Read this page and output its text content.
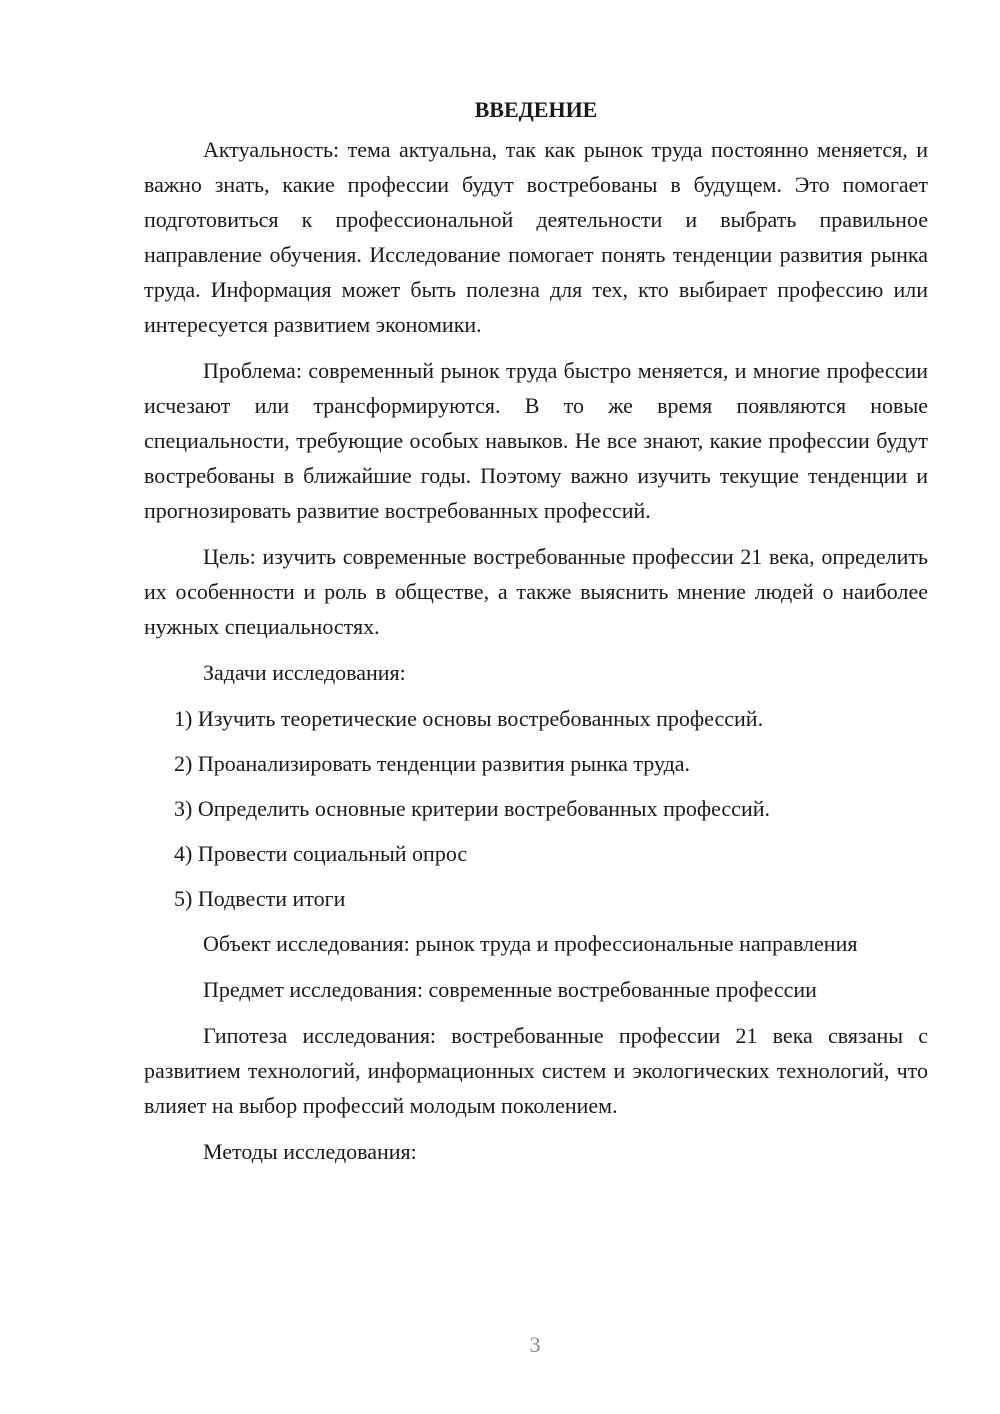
ВВЕДЕНИЕ

Актуальность: тема актуальна, так как рынок труда постоянно меняется, и важно знать, какие профессии будут востребованы в будущем. Это помогает подготовиться к профессиональной деятельности и выбрать правильное направление обучения. Исследование помогает понять тенденции развития рынка труда. Информация может быть полезна для тех, кто выбирает профессию или интересуется развитием экономики.

Проблема: современный рынок труда быстро меняется, и многие профессии исчезают или трансформируются. В то же время появляются новые специальности, требующие особых навыков. Не все знают, какие профессии будут востребованы в ближайшие годы. Поэтому важно изучить текущие тенденции и прогнозировать развитие востребованных профессий.

Цель: изучить современные востребованные профессии 21 века, определить их особенности и роль в обществе, а также выяснить мнение людей о наиболее нужных специальностях.

Задачи исследования:

1) Изучить теоретические основы востребованных профессий.

2) Проанализировать тенденции развития рынка труда.

3) Определить основные критерии востребованных профессий.

4) Провести социальный опрос

5) Подвести итоги

Объект исследования: рынок труда и профессиональные направления

Предмет исследования: современные востребованные профессии

Гипотеза исследования: востребованные профессии 21 века связаны с развитием технологий, информационных систем и экологических технологий, что влияет на выбор профессий молодым поколением.

Методы исследования:

3
